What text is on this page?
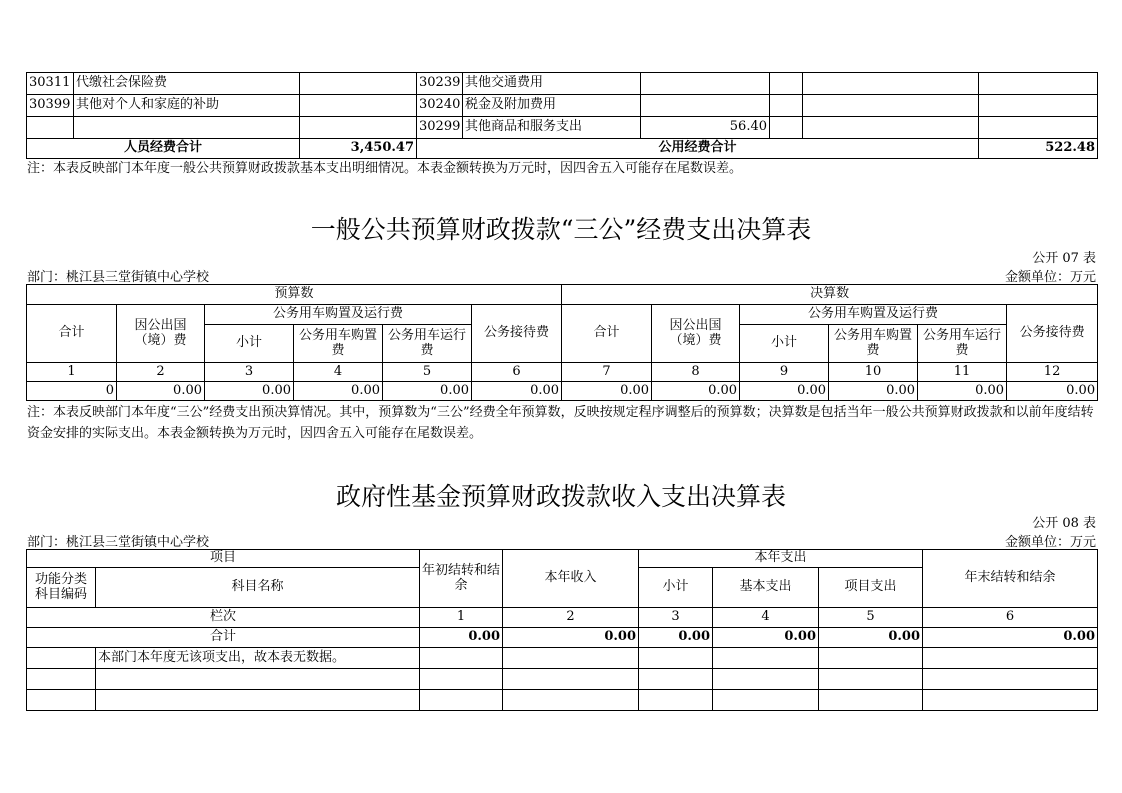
30311	代缴社会保险费		30239	其他交通费用				
30399	其他对个人和家庭的补助		30240	税金及附加费用				
			30299	其他商品和服务支出	56.40			
人员经费合计		3,450.47	公用经费合计					522.48
注：本表反映部门本年度一般公共预算财政拨款基本支出明细情况。本表金额转换为万元时，因四舍五入可能存在尾数误差。
一般公共预算财政拨款“三公”经费支出决算表
公开 07 表
部门：桃江县三堂街镇中心学校	金额单位：万元
预算数						决算数					
合计	因公出国（境）费	公务用车购置及运行费			公务接待费	合计	因公出国（境）费	公务用车购置及运行费			公务接待费
		小计	公务用车购置费	公务用车运行费				小计	公务用车购置费	公务用车运行费	
1	2	3	4	5	6	7	8	9	10	11	12
0	0.00	0.00	0.00	0.00	0.00	0.00	0.00	0.00	0.00	0.00	0.00
注：本表反映部门本年度“三公”经费支出预决算情况。其中，预算数为“三公”经费全年预算数，反映按规定程序调整后的预算数；决算数是包括当年一般公共预算财政拨款和以前年度结转资金安排的实际支出。本表金额转换为万元时，因四舍五入可能存在尾数误差。
政府性基金预算财政拨款收入支出决算表
公开 08 表
部门：桃江县三堂街镇中心学校	金额单位：万元
项目		年初结转和结余	本年收入	本年支出			年末结转和结余
功能分类科目编码	科目名称			小计	基本支出	项目支出	
栏次		1	2	3	4	5	6
合计		0.00	0.00	0.00	0.00	0.00	0.00
	本部门本年度无该项支出，故本表无数据。						
